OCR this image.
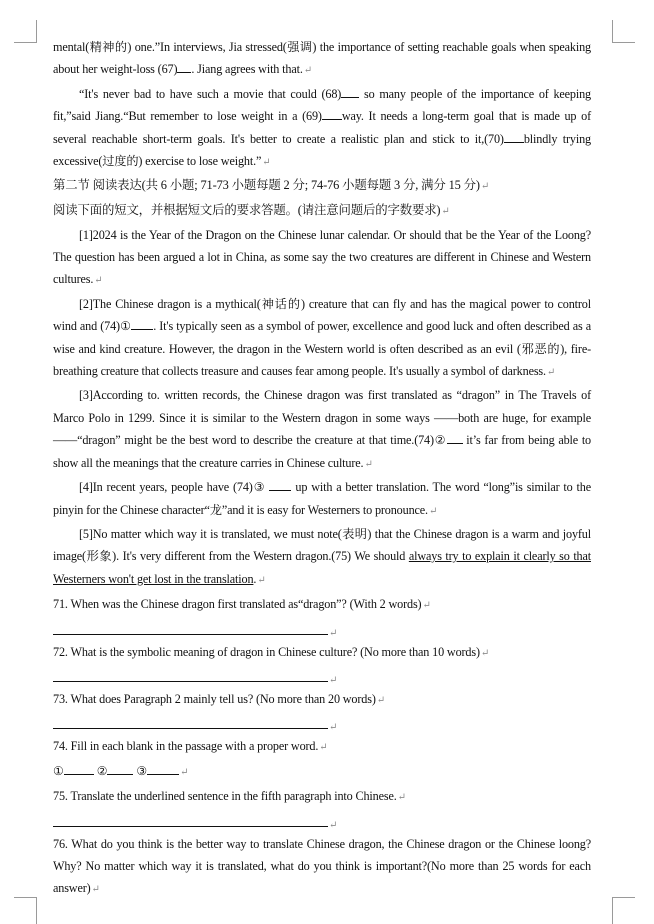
mental(精神的) one.”In interviews, Jia stressed(强调) the importance of setting reachable goals when speaking about her weight-loss (67) . Jiang agrees with that.↵

“It's never bad to have such a movie that could (68) so many people of the importance of keeping fit,”said Jiang.“But remember to lose weight in a (69) way. It needs a long-term goal that is made up of several reachable short-term goals. It's better to create a realistic plan and stick to it,(70) blindly trying excessive(过度的) exercise to lose weight.”↵

第二节 阅读表达(共 6 小题; 71-73 小题每题 2 分; 74-76 小题每题 3 分, 满分 15 分)↵

阅读下面的短文，并根据短文后的要求答题。(请注意问题后的字数要求)↵

[1]2024 is the Year of the Dragon on the Chinese lunar calendar. Or should that be the Year of the Loong? The question has been argued a lot in China, as some say the two creatures are different in Chinese and Western cultures.↵

[2]The Chinese dragon is a mythical(神话的) creature that can fly and has the magical power to control wind and (74)① . It's typically seen as a symbol of power, excellence and good luck and often described as a wise and kind creature. However, the dragon in the Western world is often described as an evil (邪恶的), fire-breathing creature that collects treasure and causes fear among people. It's usually a symbol of darkness.↵

[3]According to. written records, the Chinese dragon was first translated as “dragon” in The Travels of Marco Polo in 1299. Since it is similar to the Western dragon in some ways ——both are huge, for example ——“dragon” might be the best word to describe the creature at that time.(74)② it’s far from being able to show all the meanings that the creature carries in Chinese culture.↵

[4]In recent years, people have (74)③  up with a better translation. The word “long”is similar to the pinyin for the Chinese character“龙”and it is easy for Westerners to pronounce.↵

[5]No matter which way it is translated, we must note(表明) that the Chinese dragon is a warm and joyful image(形象). It's very different from the Western dragon.(75) We should always try to explain it clearly so that Westerners won't get lost in the translation.↵

71. When was the Chinese dragon first translated as“dragon”? (With 2 words)↵

↵

72. What is the symbolic meaning of dragon in Chinese culture? (No more than 10 words)↵

↵

73. What does Paragraph 2 mainly tell us? (No more than 20 words)↵

↵

74. Fill in each blank in the passage with a proper word.↵

①	② ③	↵

75. Translate the underlined sentence in the fifth paragraph into Chinese.↵

↵

76. What do you think is the better way to translate Chinese dragon, the Chinese dragon or the Chinese loong? Why? No matter which way it is translated, what do you think is important?(No more than 25 words for each answer)↵
